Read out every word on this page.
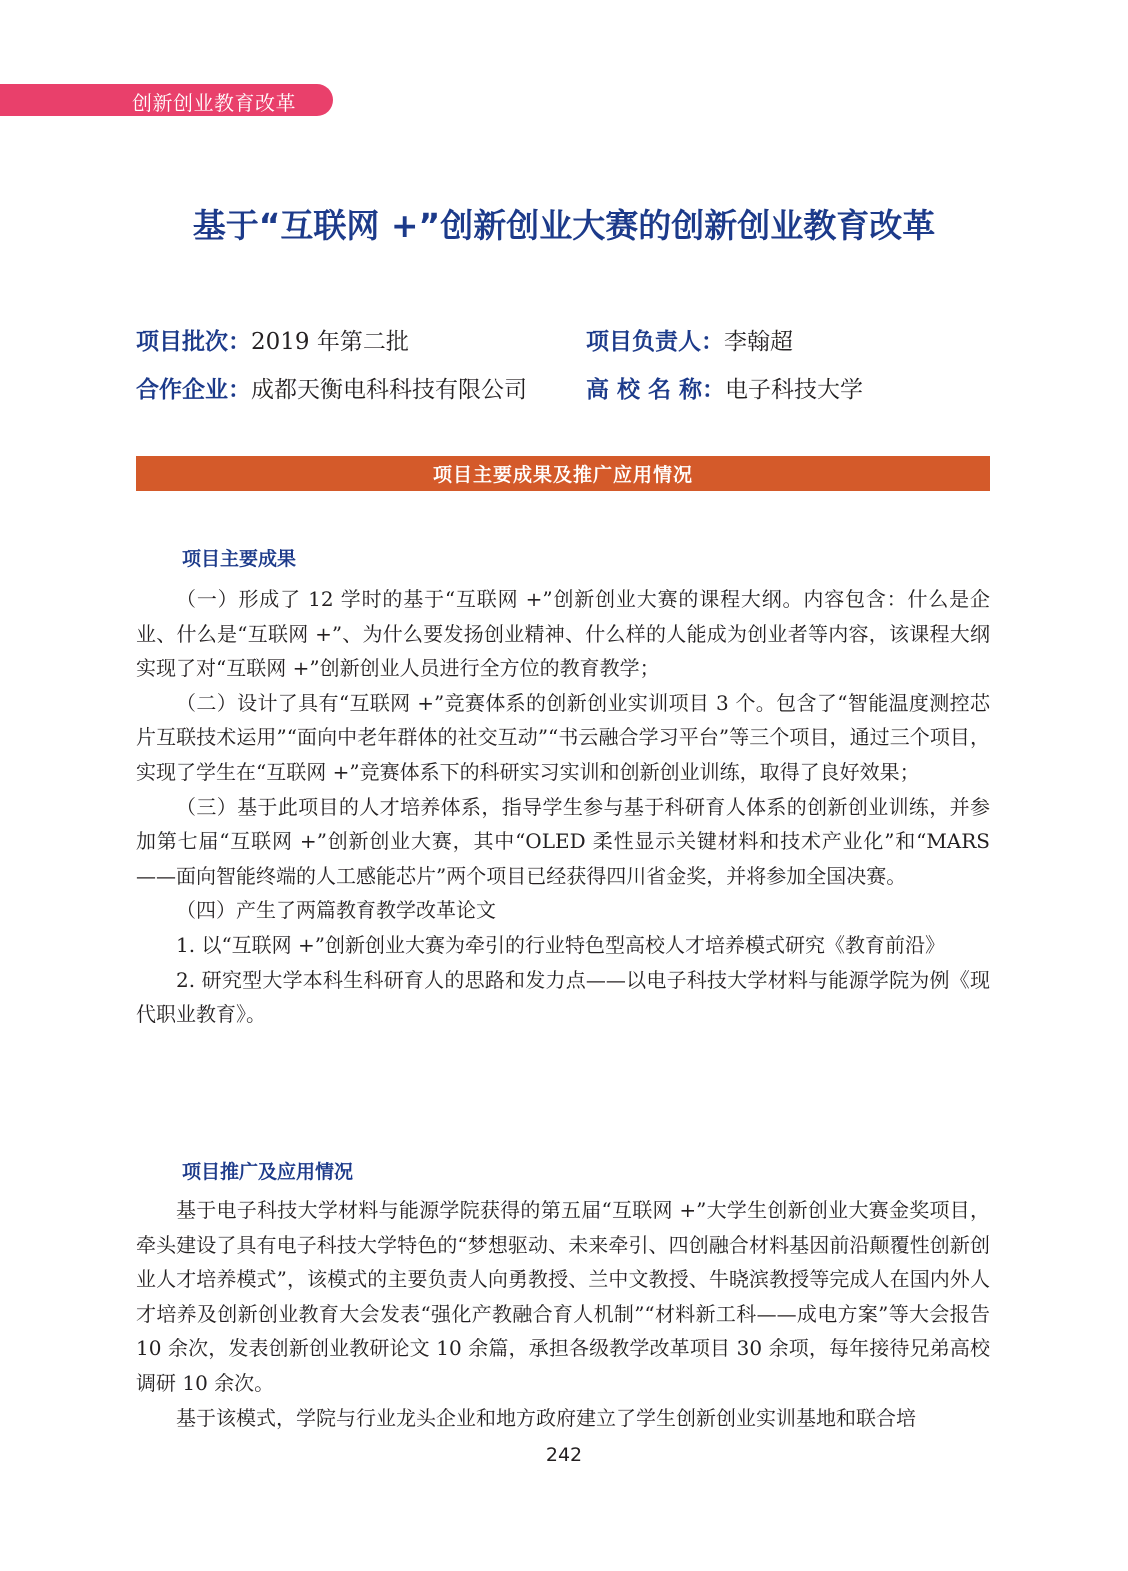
创新创业教育改革
基于“互联网 +”创新创业大赛的创新创业教育改革
项目批次：2019 年第二批	项目负责人：李翰超
合作企业：成都天衡电科科技有限公司	高 校 名 称：电子科技大学
项目主要成果及推广应用情况
项目主要成果

（一）形成了 12 学时的基于“互联网 +”创新创业大赛的课程大纲。内容包含：什么是企业、什么是“互联网 +”、为什么要发扬创业精神、什么样的人能成为创业者等内容，该课程大纲实现了对“互联网 +”创新创业人员进行全方位的教育教学；

（二）设计了具有“互联网 +”竞赛体系的创新创业实训项目 3 个。包含了“智能温度测控芯片互联技术运用”“面向中老年群体的社交互动”“书云融合学习平台”等三个项目，通过三个项目，实现了学生在“互联网 +”竞赛体系下的科研实习实训和创新创业训练，取得了良好效果；

（三）基于此项目的人才培养体系，指导学生参与基于科研育人体系的创新创业训练，并参加第七届“互联网 +”创新创业大赛，其中“OLED 柔性显示关键材料和技术产业化”和“MARS——面向智能终端的人工感能芯片”两个项目已经获得四川省金奖，并将参加全国决赛。

（四）产生了两篇教育教学改革论文

1. 以“互联网 +”创新创业大赛为牵引的行业特色型高校人才培养模式研究《教育前沿》

2. 研究型大学本科生科研育人的思路和发力点——以电子科技大学材料与能源学院为例《现代职业教育》。

项目推广及应用情况

基于电子科技大学材料与能源学院获得的第五届“互联网 +”大学生创新创业大赛金奖项目，牵头建设了具有电子科技大学特色的“梦想驱动、未来牵引、四创融合材料基因前沿颠覆性创新创业人才培养模式”，该模式的主要负责人向勇教授、兰中文教授、牛晓滨教授等完成人在国内外人才培养及创新创业教育大会发表“强化产教融合育人机制”“材料新工科——成电方案”等大会报告 10 余次，发表创新创业教研论文 10 余篇，承担各级教学改革项目 30 余项，每年接待兄弟高校调研 10 余次。

基于该模式，学院与行业龙头企业和地方政府建立了学生创新创业实训基地和联合培

242
